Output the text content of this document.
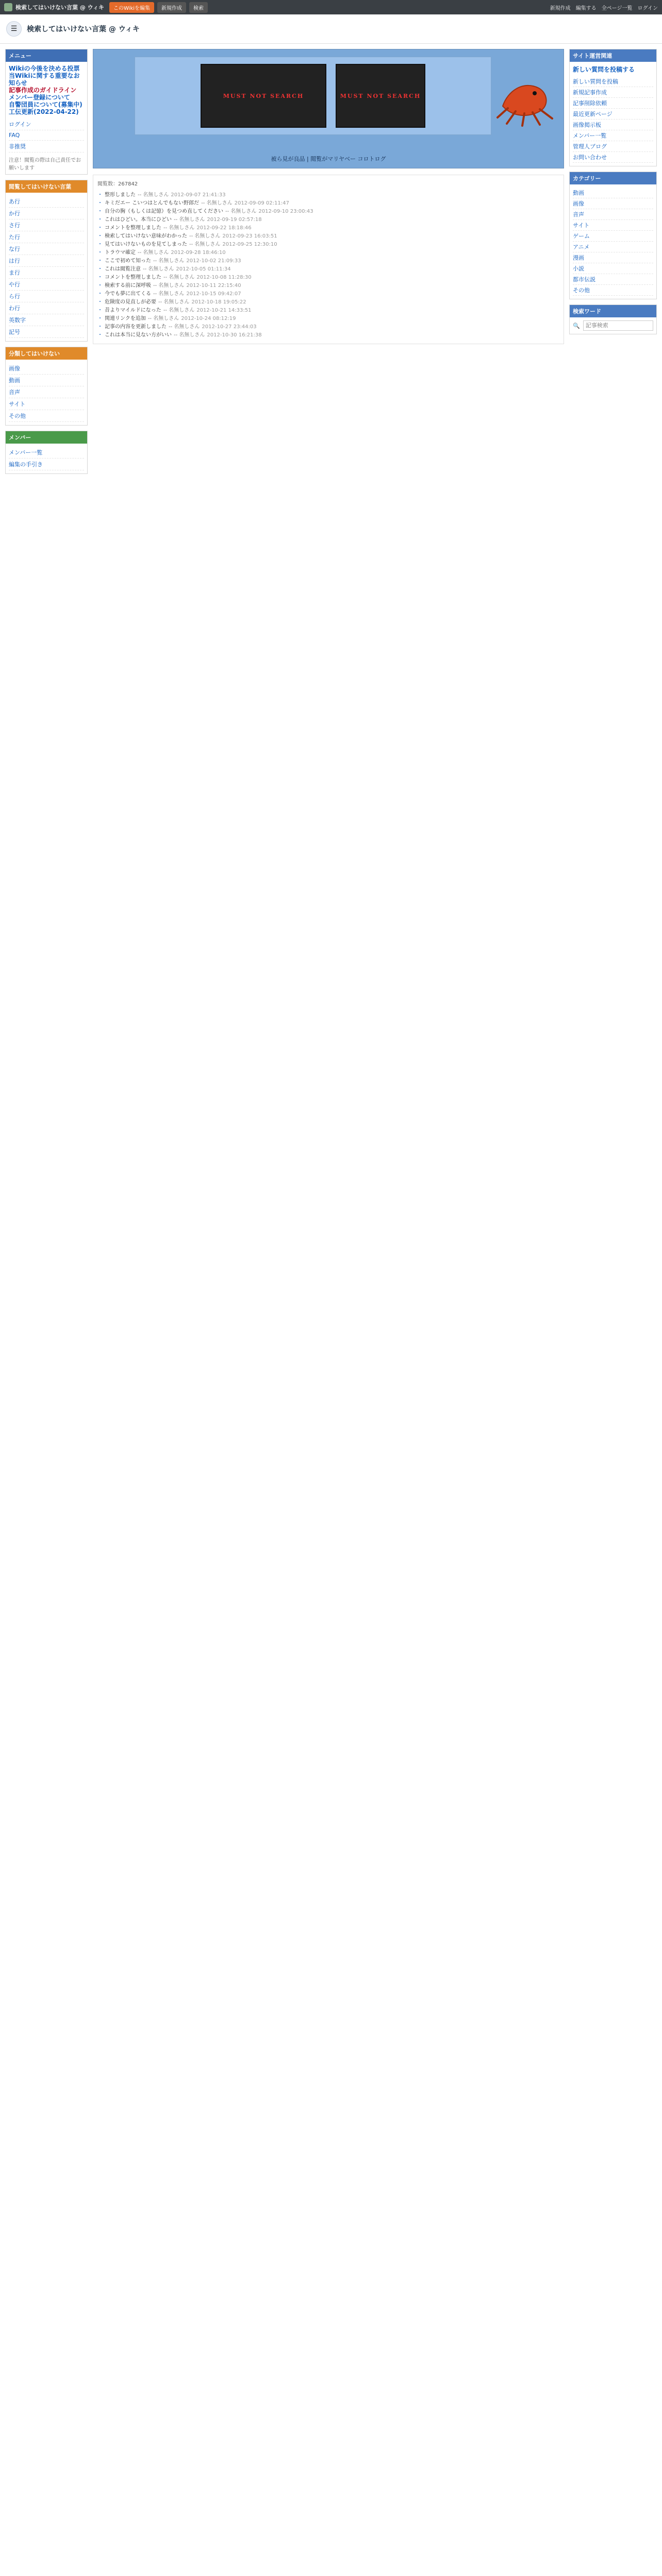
検索してはいけない言葉 @ ウィキ	このWikiを編集	新規作成	検索	新規作成 編集する 全ページ一覧 ログイン
☰	検索してはいけない言葉 @ ウィキ
メニュー
Wikiの今後を決める投票
当Wikiに関する重要なお知らせ
記事作成のガイドライン
メンバー登録について
自警団員について(募集中)
工伝更新(2022-04-22)
ログイン
FAQ
非推奨
注意！閲覧の際は自己責任でお願いします
閲覧してはいけない言葉
あ行
か行
さ行
た行
な行
は行
ま行
や行
ら行
わ行
英数字
記号
分類してはいけない
画像
動画
音声
サイト
その他
メンバー
メンバー一覧
編集の手引き
MUST NOT SEARCH	MUST NOT SEARCH
被ら見が良品 | 閲覧がマリヤベー コロトログ
閲覧数：267842
・ 整形しました -- 名無しさん 2012-09-07 21:41:33
・ キミだエー こいつはとんでもない野郎だ -- 名無しさん 2012-09-09 02:11:47
・ 自分の胸（もしくは記憶）を見つめ直してください -- 名無しさん 2012-09-10 23:00:43
・ これはひどい。本当にひどい -- 名無しさん 2012-09-19 02:57:18
・ コメントを整理しました -- 名無しさん 2012-09-22 18:18:46
・ 検索してはいけない意味がわかった -- 名無しさん 2012-09-23 16:03:51
・ 見てはいけないものを見てしまった -- 名無しさん 2012-09-25 12:30:10
・ トラウマ確定 -- 名無しさん 2012-09-28 18:46:10
・ ここで初めて知った -- 名無しさん 2012-10-02 21:09:33
・ これは閲覧注意 -- 名無しさん 2012-10-05 01:11:34
・ コメントを整理しました -- 名無しさん 2012-10-08 11:28:30
・ 検索する前に深呼吸 -- 名無しさん 2012-10-11 22:15:40
・ 今でも夢に出てくる -- 名無しさん 2012-10-15 09:42:07
・ 危険度の見直しが必要 -- 名無しさん 2012-10-18 19:05:22
・ 昔よりマイルドになった -- 名無しさん 2012-10-21 14:33:51
・ 関連リンクを追加 -- 名無しさん 2012-10-24 08:12:19
・ 記事の内容を更新しました -- 名無しさん 2012-10-27 23:44:03
・ これは本当に見ない方がいい -- 名無しさん 2012-10-30 16:21:38
サイト運営関連
新しい質問を投稿する
新しい質問を投稿
新規記事作成
記事削除依頼
最近更新ページ
画像掲示板
メンバー一覧
管理人ブログ
お問い合わせ
カテゴリー
動画
画像
音声
サイト
ゲーム
アニメ
漫画
小説
都市伝説
その他
検索ワード
🔍
記事検索
